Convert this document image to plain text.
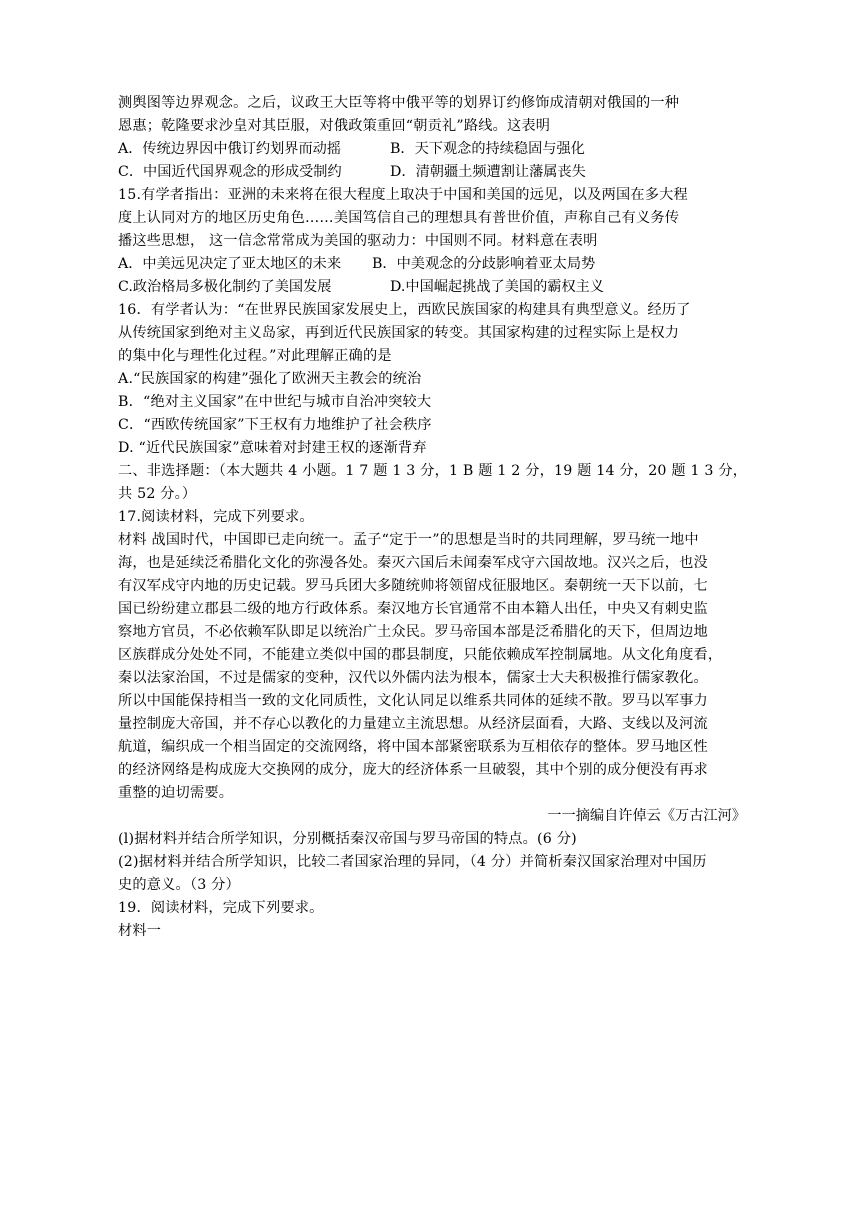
测舆图等边界观念。之后，议政王大臣等将中俄平等的划界订约修饰成清朝对俄国的一种
恩惠；乾隆要求沙皇对其臣服，对俄政策重回“朝贡礼”路线。这表明
A．传统边界因中俄订约划界而动摇	B．天下观念的持续稳固与强化
C．中国近代国界观念的形成受制约	D．清朝疆土频遭割让藩属丧失
15.有学者指出：亚洲的未来将在很大程度上取决于中国和美国的远见，以及两国在多大程
度上认同对方的地区历史角色……美国笃信自己的理想具有普世价值，声称自己有义务传
播这些思想， 这一信念常常成为美国的驱动力：中国则不同。材料意在表明
A．中美远见决定了亚太地区的未来 B．中美观念的分歧影响着亚太局势
C.政治格局多极化制约了美国发展	D.中国崛起挑战了美国的霸权主义
16．有学者认为：“在世界民族国家发展史上，西欧民族国家的构建具有典型意义。经历了
从传统国家到绝对主义岛家，再到近代民族国家的转变。其国家构建的过程实际上是权力
的集中化与理性化过程。”对此理解正确的是
A.“民族国家的构建”强化了欧洲天主教会的统治
B．“绝对主义国家”在中世纪与城市自治冲突较大
C．“西欧传统国家”下王权有力地维护了社会秩序
D. “近代民族国家”意味着对封建王权的逐渐背弃
二、非选择题：（本大题共 4 小题。1 7 题 1 3 分，1 B 题 1 2 分，19 题 14 分，20 题 1 3 分，
共 52 分。）
17.阅读材料，完成下列要求。
材料 战国时代，中国即已走向统一。孟子“定于一”的思想是当时的共同理解，罗马统一地中
海，也是延续泛希腊化文化的弥漫各处。秦灭六国后未闻秦军戍守六国故地。汉兴之后，也没
有汉军戍守内地的历史记载。罗马兵团大多随统帅将领留戍征服地区。秦朝统一天下以前，七
国已纷纷建立郡县二级的地方行政体系。秦汉地方长官通常不由本籍人出任，中央又有刺史监
察地方官员，不必依赖军队即足以统治广土众民。罗马帝国本部是泛希腊化的天下，但周边地
区族群成分处处不同，不能建立类似中国的郡县制度，只能依赖成军控制属地。从文化角度看，
秦以法家治国，不过是儒家的变种，汉代以外儒内法为根本，儒家士大夫积极推行儒家教化。
所以中国能保持相当一致的文化同质性，文化认同足以维系共同体的延续不散。罗马以军事力
量控制庞大帝国，并不存心以教化的力量建立主流思想。从经济层面看，大路、支线以及河流
航道，编织成一个相当固定的交流网络，将中国本部紧密联系为互相依存的整体。罗马地区性
的经济网络是构成庞大交换网的成分，庞大的经济体系一旦破裂，其中个别的成分便没有再求
重整的迫切需要。
一一摘编自许倬云《万古江河》
(l)据材料并结合所学知识，分别概括秦汉帝国与罗马帝国的特点。(6 分)
(2)据材料并结合所学知识，比较二者国家治理的异同，（4 分）并简析秦汉国家治理对中国历
史的意义。（3 分）
19．阅读材料，完成下列要求。
材料一
